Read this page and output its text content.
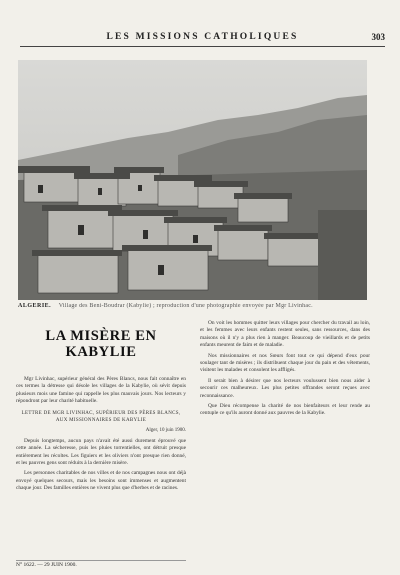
LES MISSIONS CATHOLIQUES	303
ALGÉRIE. Village des Beni-Boudrar (Kabylie) ; reproduction d'une photographie envoyée par Mgr Livinhac.
LA MISÈRE EN KABYLIE

Mgr Livinhac, supérieur général des Pères Blancs, nous fait connaître en ces termes la détresse qui désole les villages de la Kabylie, où sévit depuis plusieurs mois une famine qui rappelle les plus mauvais jours. Nos lecteurs y répondront par leur charité habituelle.

LETTRE DE MGR LIVINHAC, SUPÉRIEUR DES PÈRES BLANCS, AUX MISSIONNAIRES DE KABYLIE

Alger, 10 juin 1900.

Depuis longtemps, aucun pays n'avait été aussi durement éprouvé que cette année. La sécheresse, puis les pluies torrentielles, ont détruit presque entièrement les récoltes. Les figuiers et les oliviers n'ont presque rien donné, et les pauvres gens sont réduits à la dernière misère.

Les personnes charitables de nos villes et de nos campagnes nous ont déjà envoyé quelques secours, mais les besoins sont immenses et augmentent chaque jour. Des familles entières ne vivent plus que d'herbes et de racines.

On voit les hommes quitter leurs villages pour chercher du travail au loin, et les femmes avec leurs enfants restent seules, sans ressources, dans des maisons où il n'y a plus rien à manger. Beaucoup de vieillards et de petits enfants meurent de faim et de maladie.

Nos missionnaires et nos Sœurs font tout ce qui dépend d'eux pour soulager tant de misères ; ils distribuent chaque jour du pain et des vêtements, visitent les malades et consolent les affligés.

Il serait bien à désirer que nos lecteurs voulussent bien nous aider à secourir ces malheureux. Les plus petites offrandes seront reçues avec reconnaissance.

Que Dieu récompense la charité de nos bienfaiteurs et leur rende au centuple ce qu'ils auront donné aux pauvres de la Kabylie.

N° 1622. — 29 JUIN 1900.
